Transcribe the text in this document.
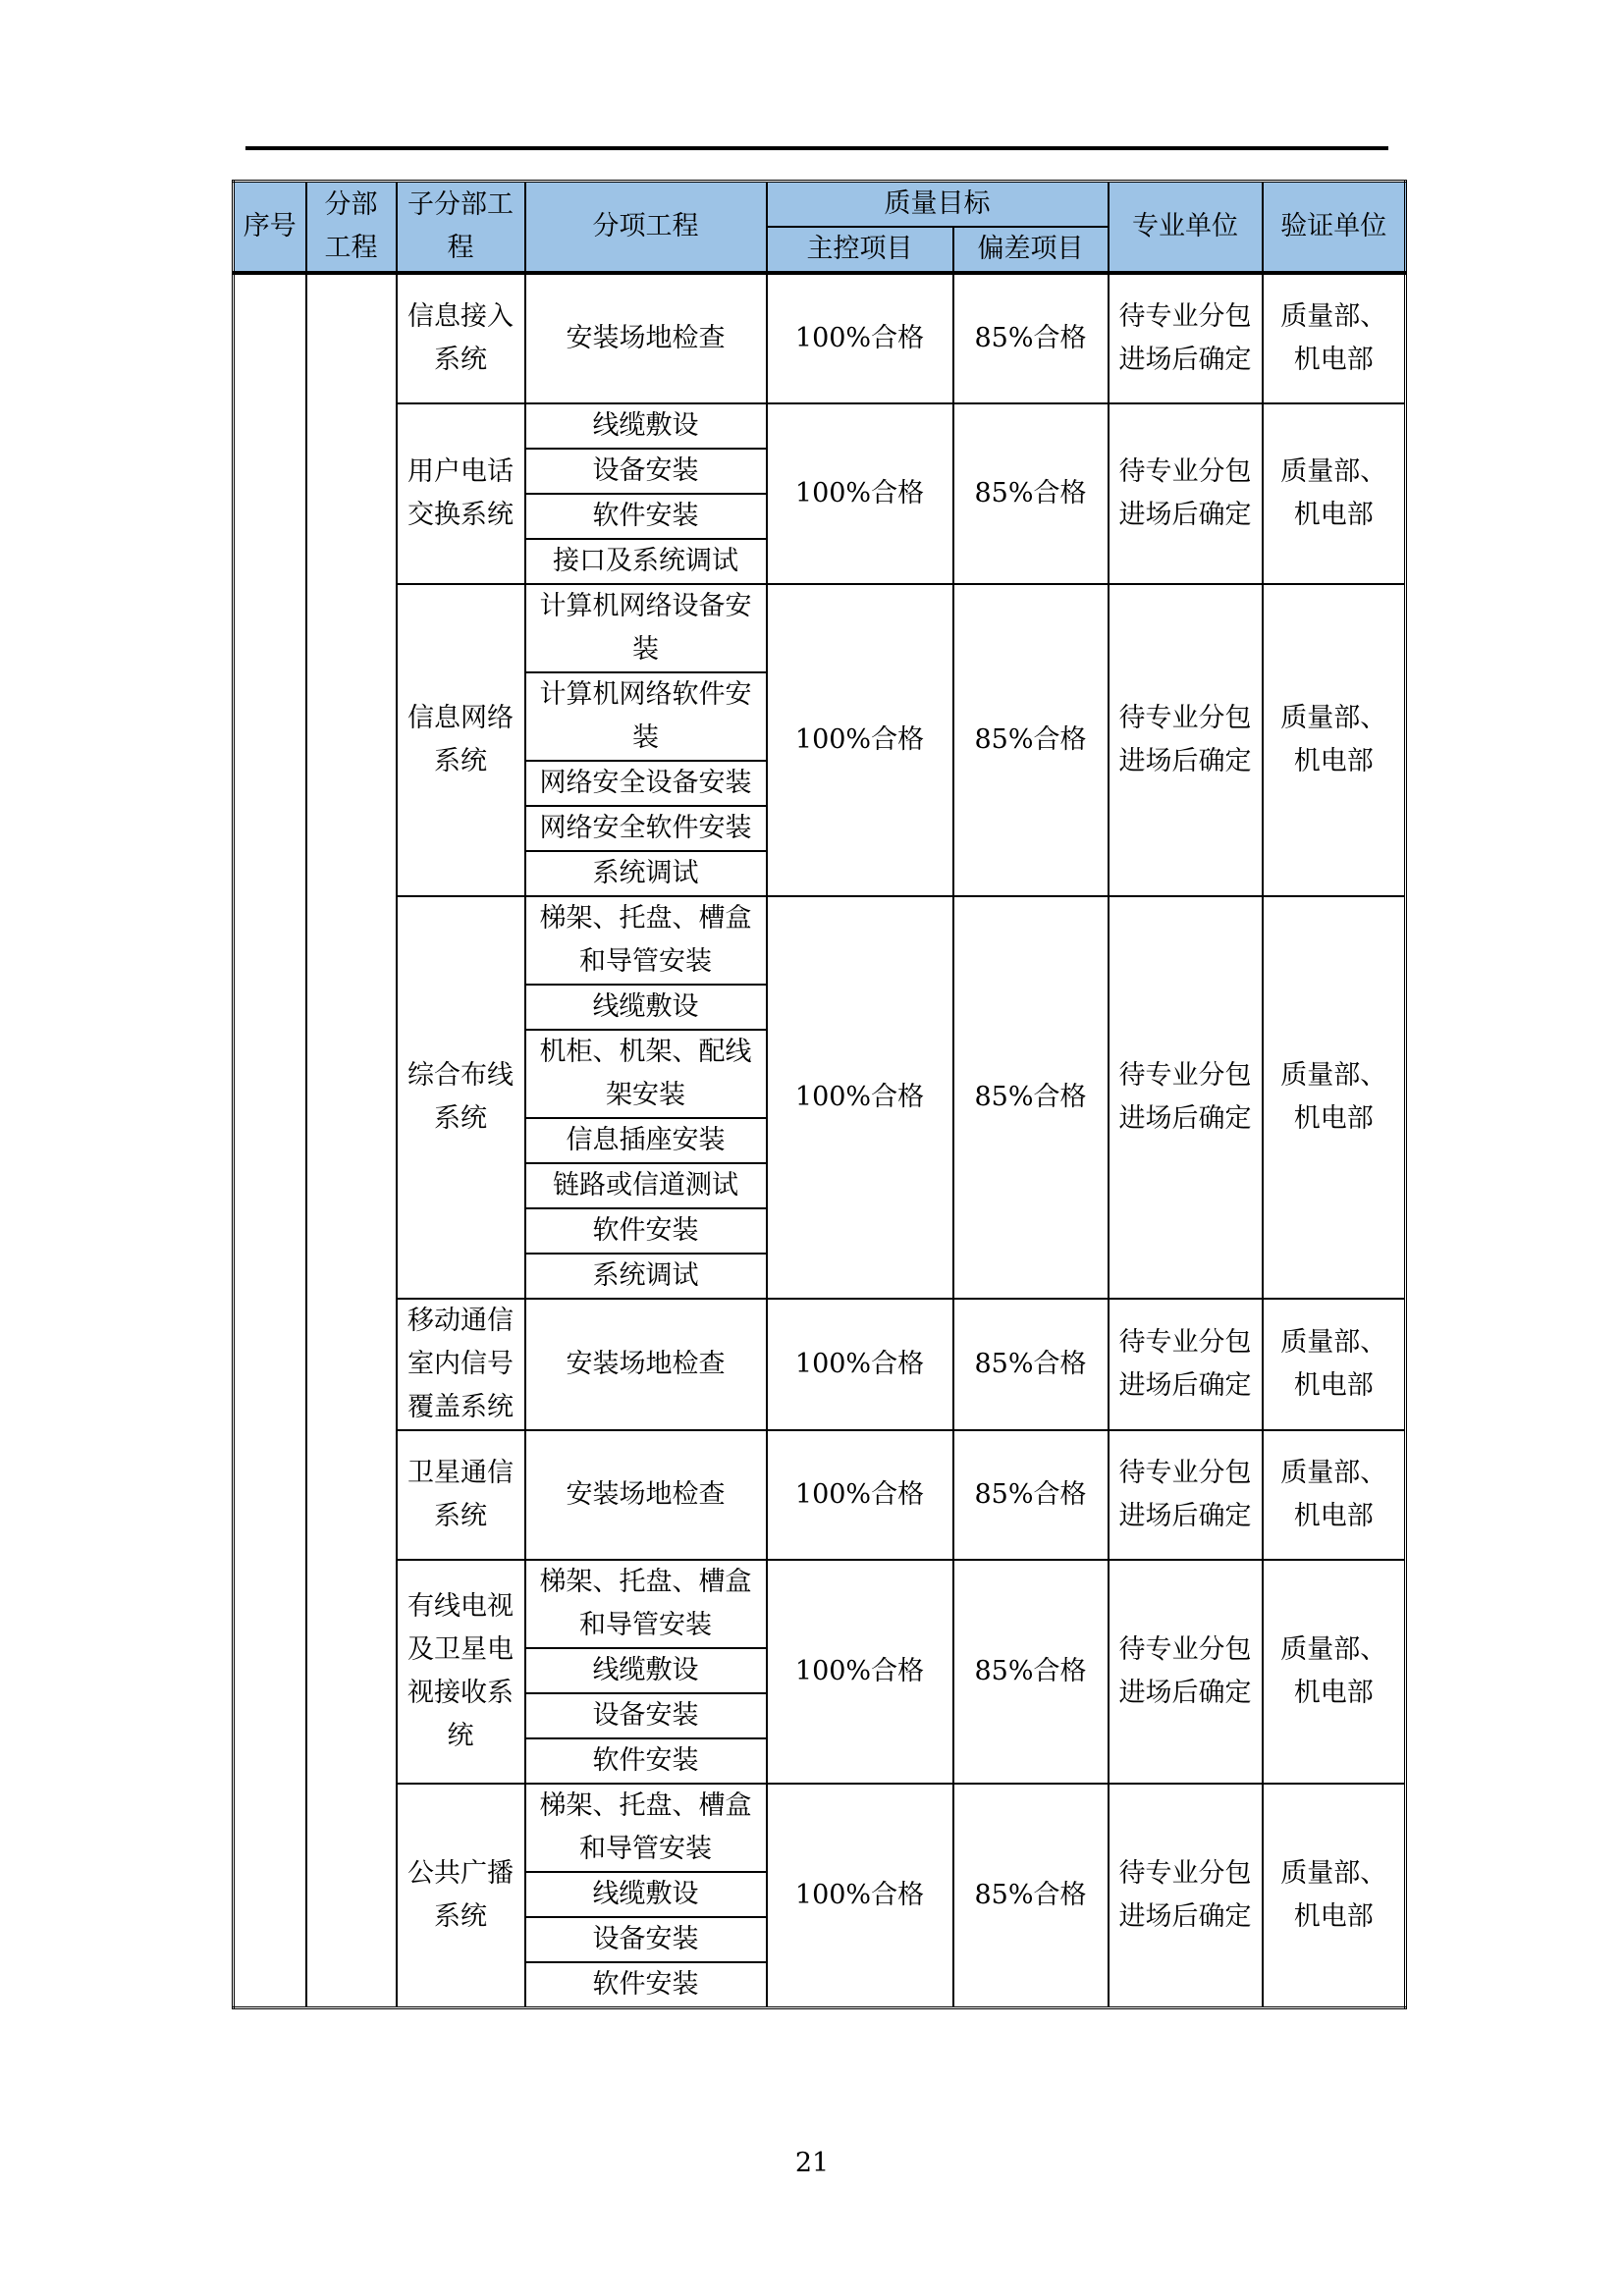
序号	分部工程	子分部工程	分项工程	质量目标		专业单位	验证单位
				主控项目	偏差项目		
		信息接入系统	安装场地检查	100%合格	85%合格	待专业分包进场后确定	质量部、机电部
		用户电话交换系统	线缆敷设	100%合格	85%合格	待专业分包进场后确定	质量部、机电部
			设备安装				
			软件安装				
			接口及系统调试				
		信息网络系统	计算机网络设备安装	100%合格	85%合格	待专业分包进场后确定	质量部、机电部
			计算机网络软件安装				
			网络安全设备安装				
			网络安全软件安装				
			系统调试				
		综合布线系统	梯架、托盘、槽盒和导管安装	100%合格	85%合格	待专业分包进场后确定	质量部、机电部
			线缆敷设				
			机柜、机架、配线架安装				
			信息插座安装				
			链路或信道测试				
			软件安装				
			系统调试				
		移动通信室内信号覆盖系统	安装场地检查	100%合格	85%合格	待专业分包进场后确定	质量部、机电部
		卫星通信系统	安装场地检查	100%合格	85%合格	待专业分包进场后确定	质量部、机电部
		有线电视及卫星电视接收系统	梯架、托盘、槽盒和导管安装	100%合格	85%合格	待专业分包进场后确定	质量部、机电部
			线缆敷设				
			设备安装				
			软件安装				
		公共广播系统	梯架、托盘、槽盒和导管安装	100%合格	85%合格	待专业分包进场后确定	质量部、机电部
			线缆敷设				
			设备安装				
			软件安装				
21
